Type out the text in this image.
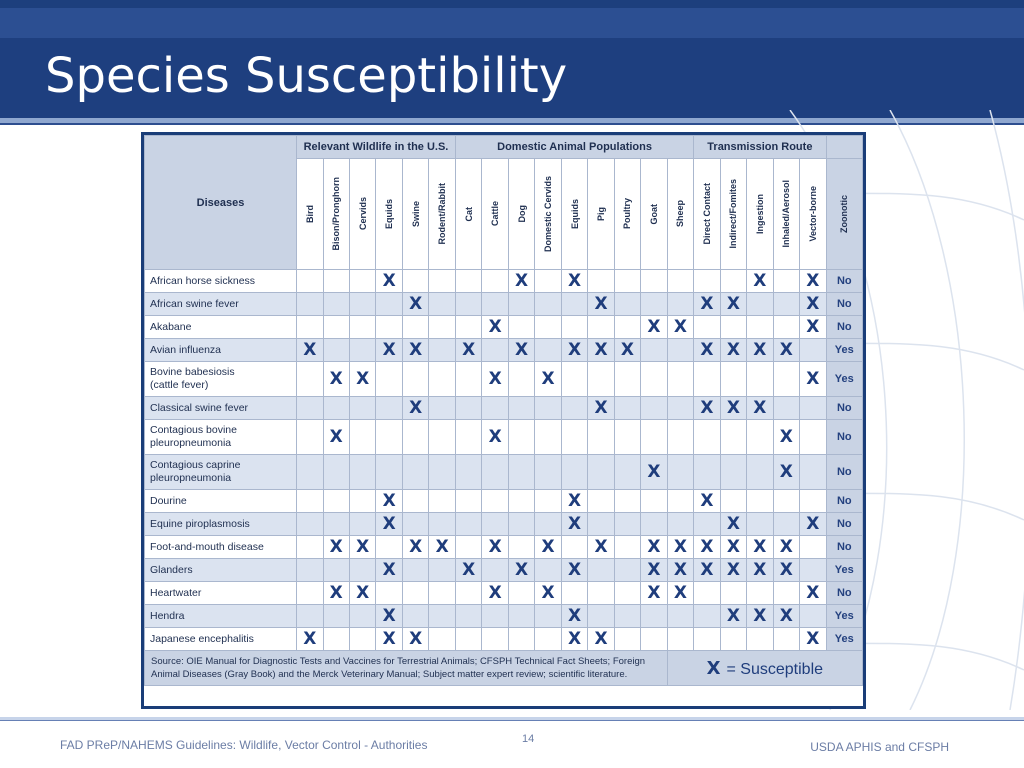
Species Susceptibility
Diseases	Relevant Wildlife in the U.S.						Domestic Animal Populations									Transmission Route					

	Bird	Bison/Pronghorn	Cervids	Equids	Swine	Rodent/Rabbit	Cat	Cattle	Dog	Domestic Cervids	Equids	Pig	Poultry	Goat	Sheep	Direct Contact	Indirect/Fomites	Ingestion	Inhaled/Aerosol	Vector-borne	Zoonotic

African horse sickness				X					X		X							X		X	No
African swine fever					X							X				X	X			X	No
Akabane								X						X	X					X	No
Avian influenza	X			X	X		X		X		X	X	X			X	X	X	X		Yes
Bovine babesiosis
(cattle fever)		X	X					X		X										X	Yes
Classical swine fever					X							X				X	X	X			No
Contagious bovine
pleuropneumonia		X						X											X		No
Contagious caprine
pleuropneumonia														X					X		No
Dourine				X							X					X					No
Equine piroplasmosis				X							X						X			X	No
Foot-and-mouth disease		X	X		X	X		X		X		X		X	X	X	X	X	X		No
Glanders				X			X		X		X			X	X	X	X	X	X		Yes
Heartwater		X	X					X		X				X	X					X	No
Hendra				X							X						X	X	X		Yes
Japanese encephalitis	X			X	X						X	X								X	Yes
Source: OIE Manual for Diagnostic Tests and Vaccines for Terrestrial Animals; CFSPH Technical Fact Sheets; Foreign Animal Diseases (Gray Book) and the Merck Veterinary Manual; Subject matter expert review; scientific literature.															X = Susceptible						
FAD PReP/NAHEMS Guidelines: Wildlife, Vector Control - Authorities	14
USDA APHIS and CFSPH
